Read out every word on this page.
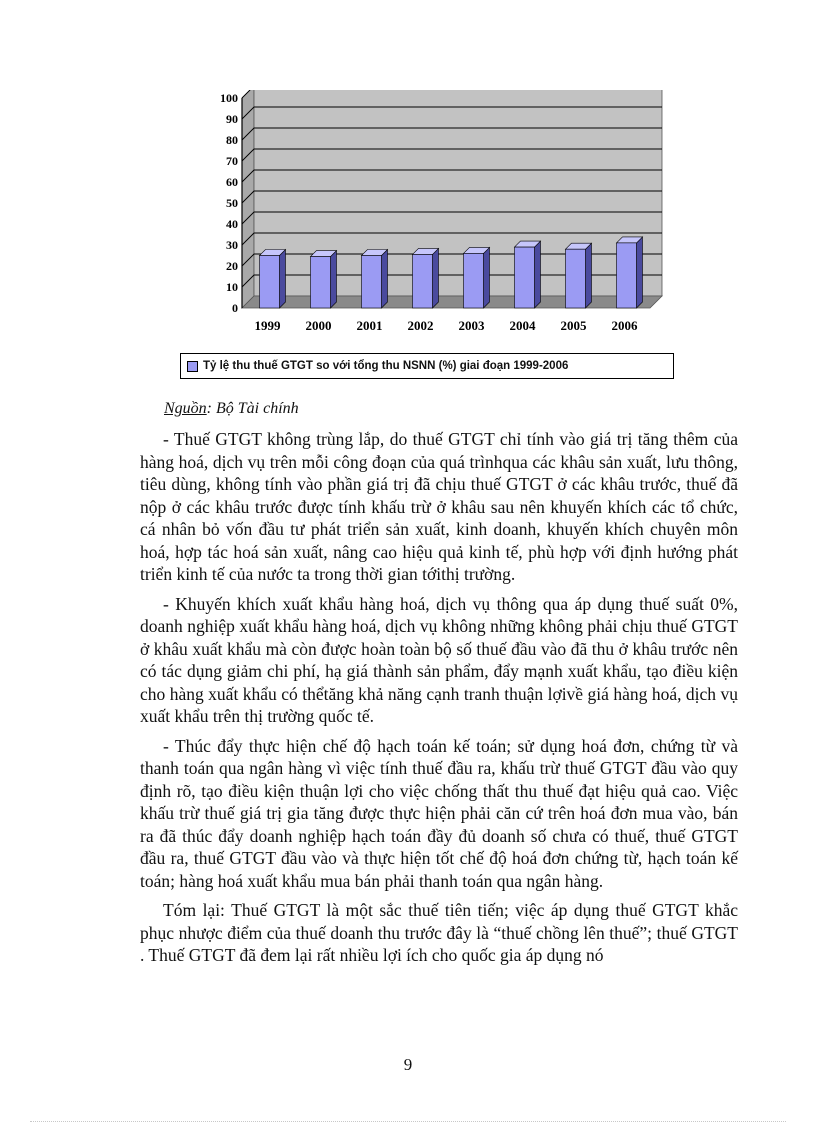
0
10
20
30
40
50
60
70
80
90
100
1999 2000 2001 2002 2003 2004 2005 2006
Tỷ lệ thu thuế GTGT so với tổng thu NSNN (%) giai đoạn 1999-2006
Nguồn: Bộ Tài chính

- Thuế GTGT không trùng lắp, do thuế GTGT chỉ tính vào giá trị tăng thêm của hàng hoá, dịch vụ trên mỗi công đoạn của quá trìnhqua các khâu sản xuất, lưu thông, tiêu dùng, không tính vào phần giá trị đã chịu thuế GTGT ở các khâu trước, thuế đã nộp ở các khâu trước được tính khấu trừ ở khâu sau nên khuyến khích các tổ chức, cá nhân bỏ vốn đầu tư phát triển sản xuất, kinh doanh, khuyến khích chuyên môn hoá, hợp tác hoá sản xuất, nâng cao hiệu quả kinh tế, phù hợp với định hướng phát triển kinh tế của nước ta trong thời gian tớithị trường.

- Khuyến khích xuất khẩu hàng hoá, dịch vụ thông qua áp dụng thuế suất 0%, doanh nghiệp xuất khẩu hàng hoá, dịch vụ không những không phải chịu thuế GTGT ở khâu xuất khẩu mà còn được hoàn toàn bộ số thuế đầu vào đã thu ở khâu trước nên có tác dụng giảm chi phí, hạ giá thành sản phẩm, đẩy mạnh xuất khẩu, tạo điều kiện cho hàng xuất khẩu có thểtăng khả năng cạnh tranh thuận lợivề giá hàng hoá, dịch vụ xuất khẩu trên thị trường quốc tế.

- Thúc đẩy thực hiện chế độ hạch toán kế toán; sử dụng hoá đơn, chứng từ và thanh toán qua ngân hàng vì việc tính thuế đầu ra, khấu trừ thuế GTGT đầu vào quy định rõ, tạo điều kiện thuận lợi cho việc chống thất thu thuế đạt hiệu quả cao. Việc khấu trừ thuế giá trị gia tăng được thực hiện phải căn cứ trên hoá đơn mua vào, bán ra đã thúc đẩy doanh nghiệp hạch toán đầy đủ doanh số chưa có thuế, thuế GTGT đầu ra, thuế GTGT đầu vào và thực hiện tốt chế độ hoá đơn chứng từ, hạch toán kế toán; hàng hoá xuất khẩu mua bán phải thanh toán qua ngân hàng.

Tóm lại: Thuế GTGT là một sắc thuế tiên tiến; việc áp dụng thuế GTGT khắc phục nhược điểm của thuế doanh thu trước đây là “thuế chồng lên thuế”; thuế GTGT . Thuế GTGT đã đem lại rất nhiều lợi ích cho quốc gia áp dụng nó

9
